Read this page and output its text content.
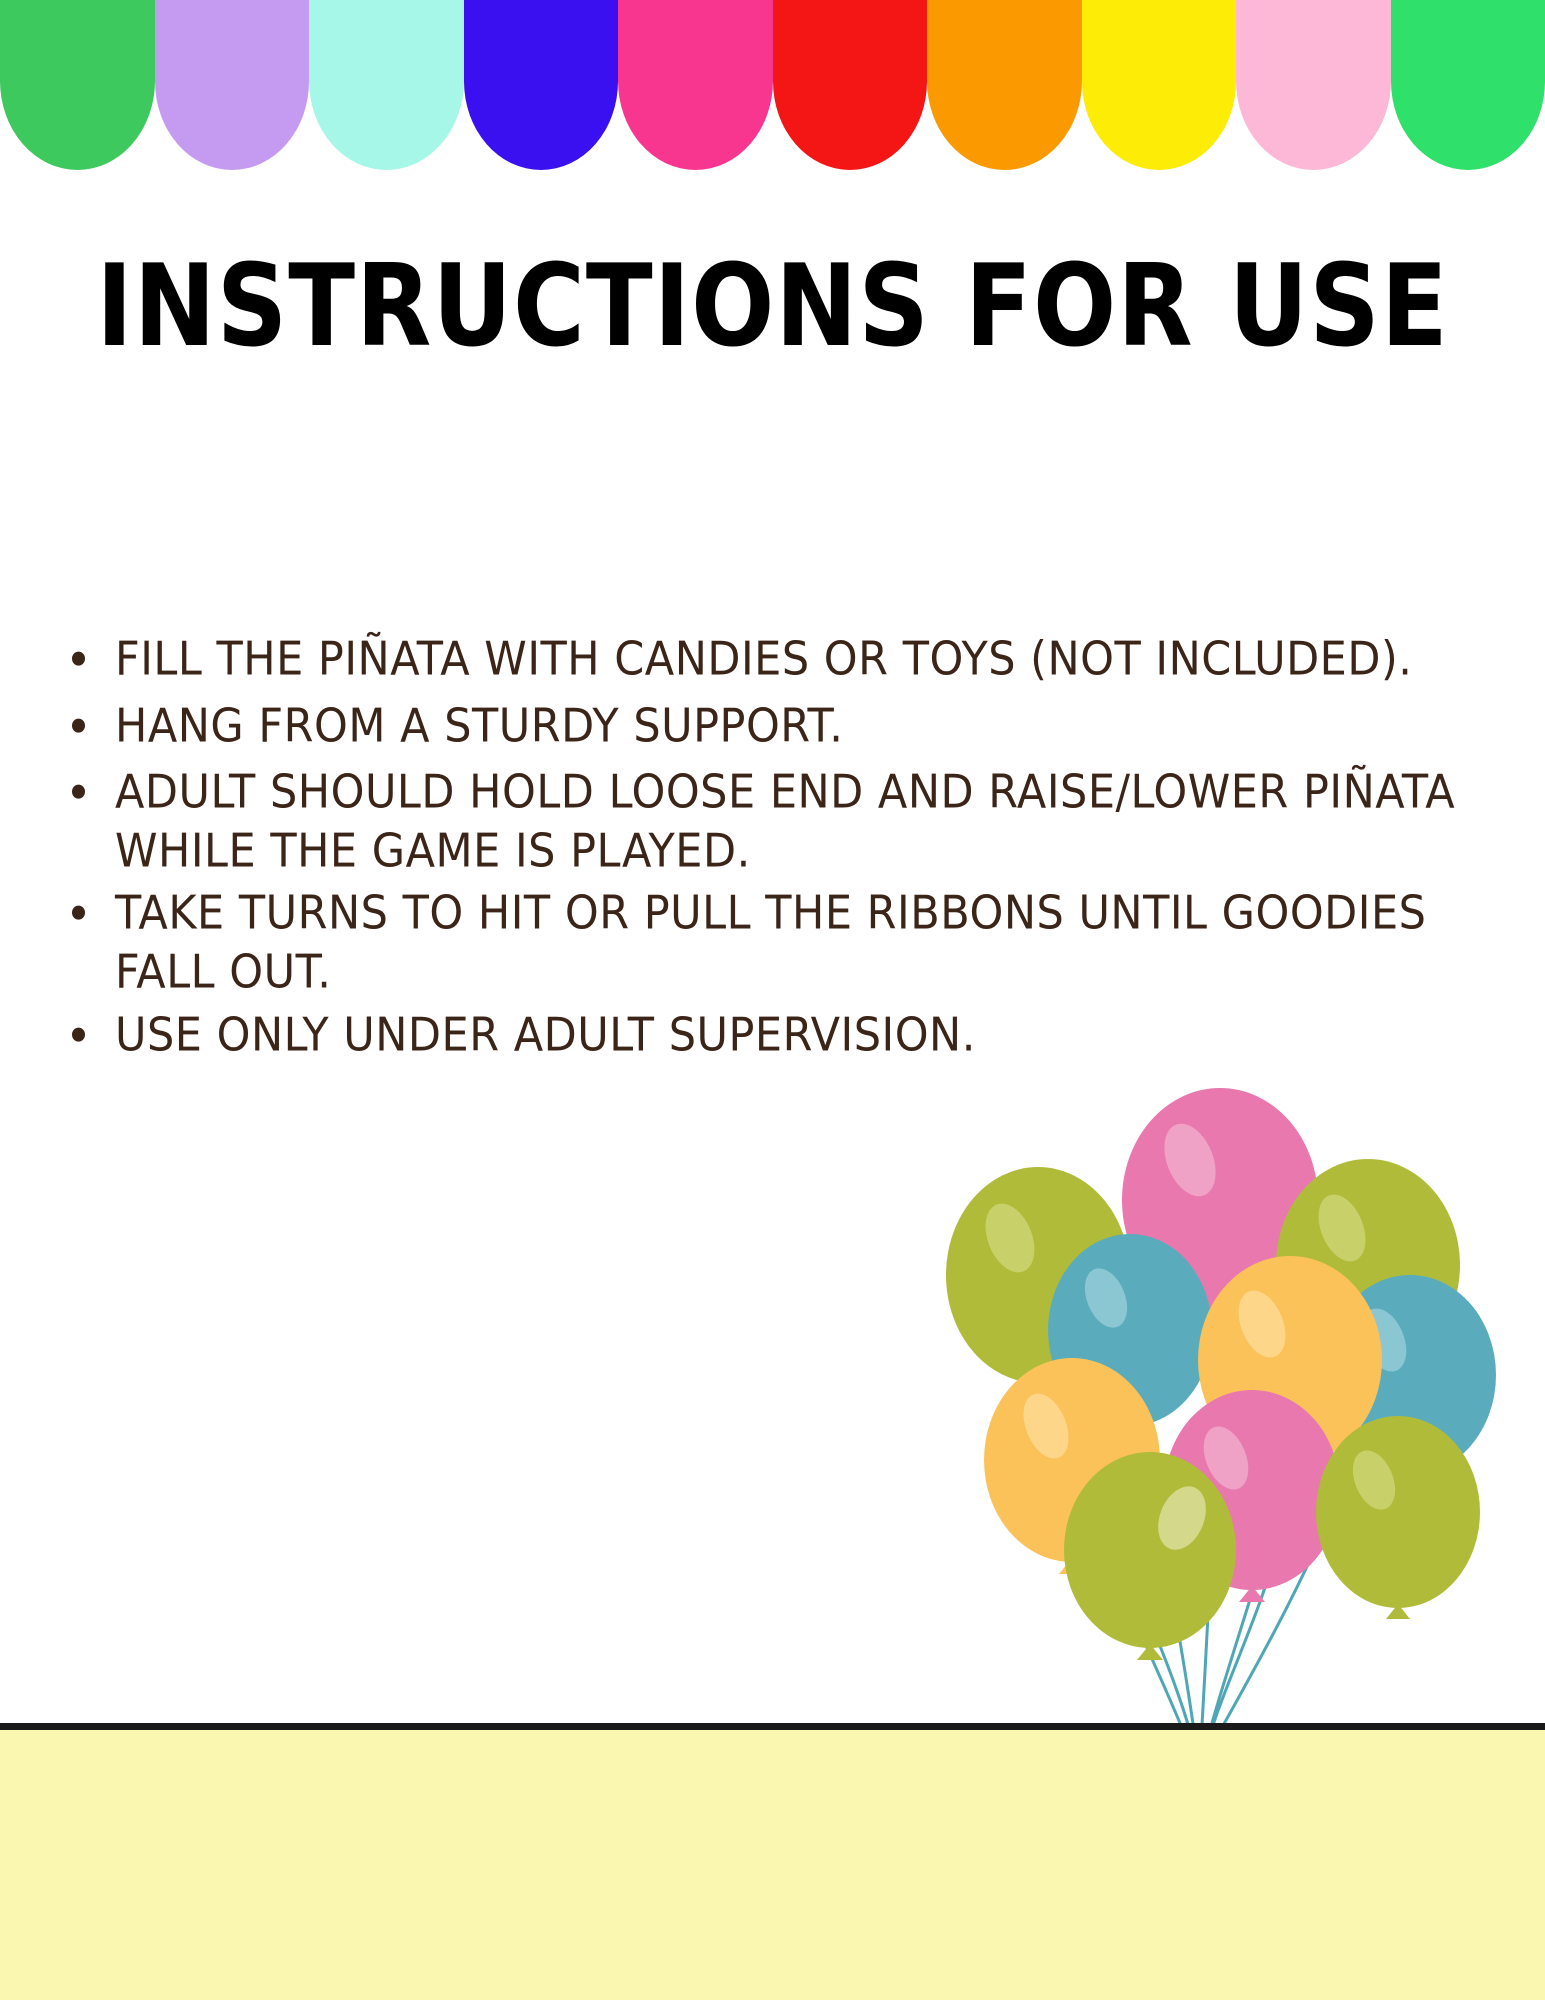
INSTRUCTIONS FOR USE
FILL THE PIÑATA WITH CANDIES OR TOYS (NOT INCLUDED).
HANG FROM A STURDY SUPPORT.
ADULT SHOULD HOLD LOOSE END AND RAISE/LOWER PIÑATA WHILE THE GAME IS PLAYED.
TAKE TURNS TO HIT OR PULL THE RIBBONS UNTIL GOODIES FALL OUT.
USE ONLY UNDER ADULT SUPERVISION.
